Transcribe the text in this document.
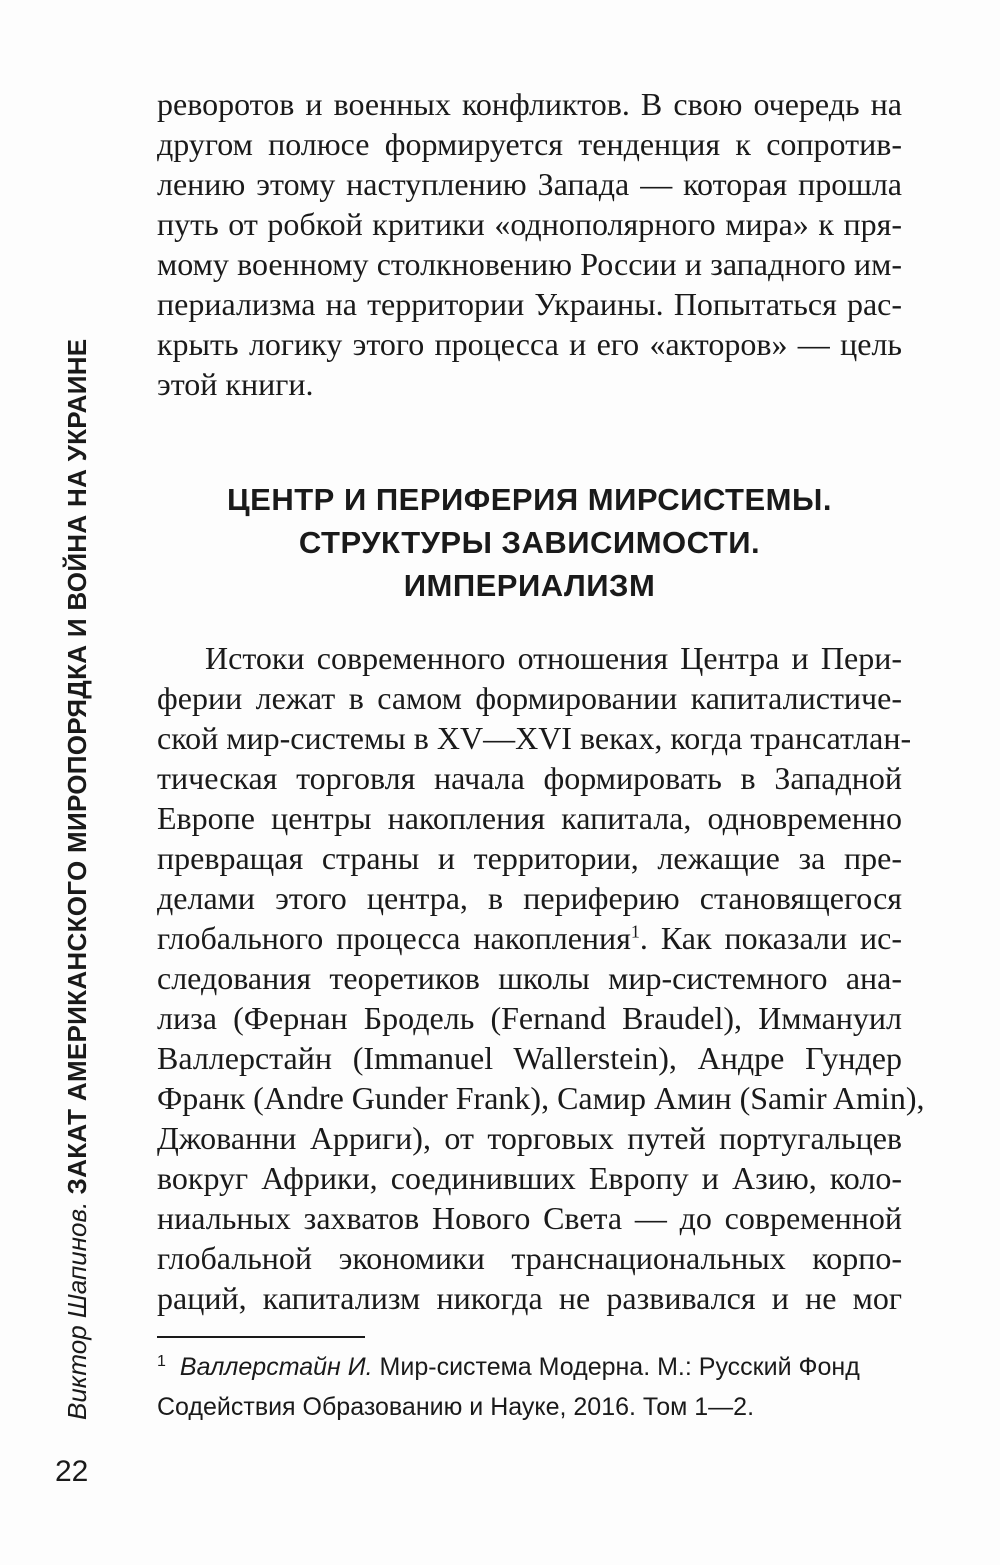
Виктор Шапинов. ЗАКАТ АМЕРИКАНСКОГО МИРОПОРЯДКА И ВОЙНА НА УКРАИНЕ
реворотов и военных конфликтов. В свою очередь на
другом полюсе формируется тенденция к сопротив-
лению этому наступлению Запада — которая прошла
путь от робкой критики «однополярного мира» к пря-
мому военному столкновению России и западного им-
периализма на территории Украины. Попытаться рас-
крыть логику этого процесса и его «акторов» — цель
этой книги.
ЦЕНТР И ПЕРИФЕРИЯ МИРСИСТЕМЫ.
СТРУКТУРЫ ЗАВИСИМОСТИ.
ИМПЕРИАЛИЗМ
Истоки современного отношения Центра и Пери-
ферии лежат в самом формировании капиталистиче-
ской мир-системы в XV—XVI веках, когда трансатлан-
тическая торговля начала формировать в Западной
Европе центры накопления капитала, одновременно
превращая страны и территории, лежащие за пре-
делами этого центра, в периферию становящегося
глобального процесса накопления$^1$. Как показали ис-
следования теоретиков школы мир-системного ана-
лиза (Фернан Бродель (Fernand Braudel), Иммануил
Валлерстайн (Immanuel Wallerstein), Андре Гундер
Франк (Andre Gunder Frank), Самир Амин (Samir Amin),
Джованни Арриги), от торговых путей португальцев
вокруг Африки, соединивших Европу и Азию, коло-
ниальных захватов Нового Света — до современной
глобальной экономики транснациональных корпо-
раций, капитализм никогда не развивался и не мог
$^1$ Валлерстайн И. Мир-система Модерна. М.: Русский Фонд
Содействия Образованию и Науке, 2016. Том 1—2.
22
